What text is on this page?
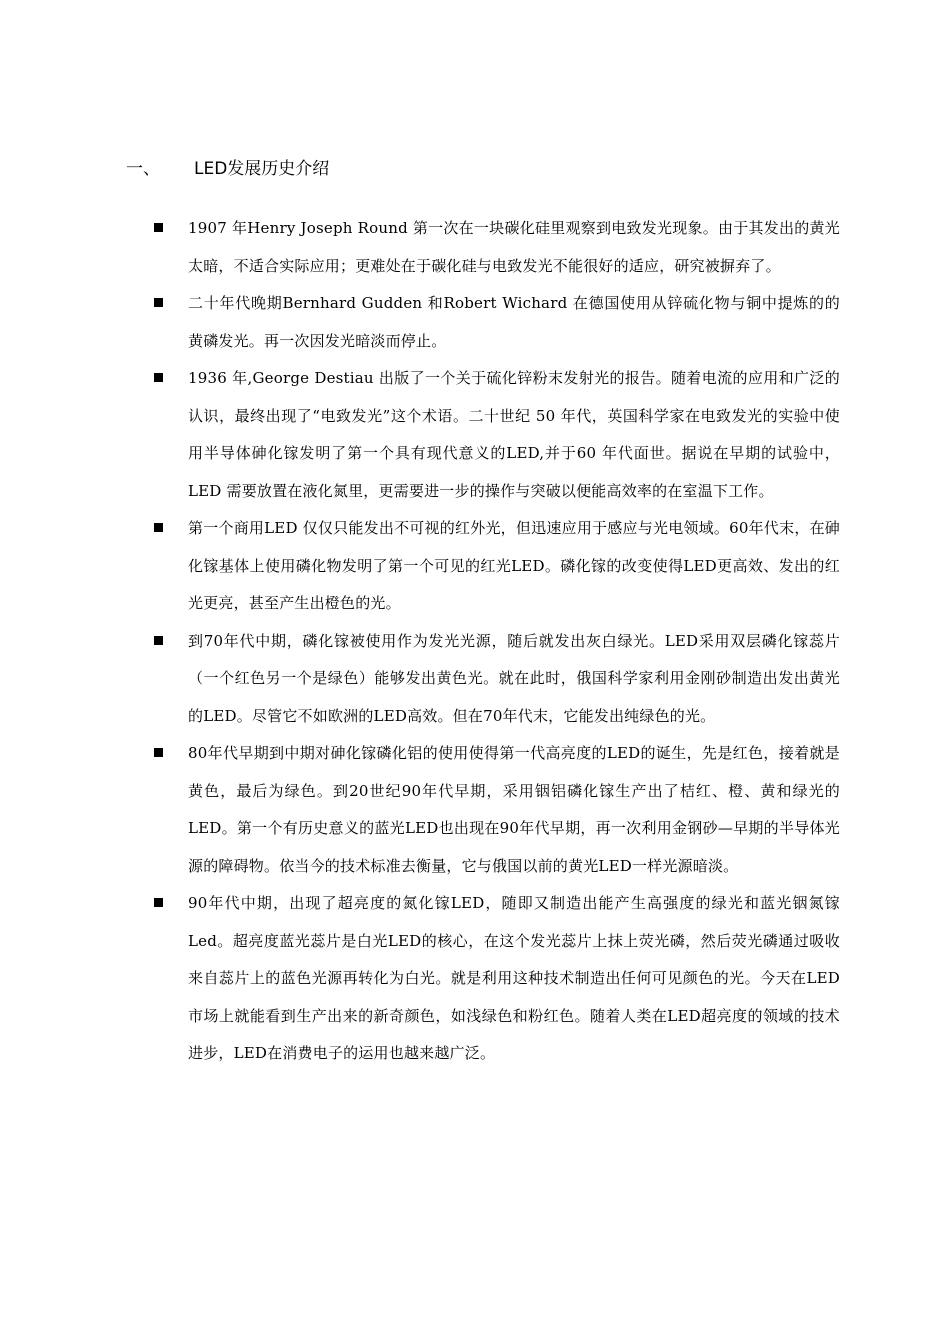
一、 LED发展历史介绍
1907 年Henry Joseph Round 第一次在一块碳化硅里观察到电致发光现象。由于其发出的黄光太暗，不适合实际应用；更难处在于碳化硅与电致发光不能很好的适应，研究被摒弃了。
二十年代晚期Bernhard Gudden 和Robert Wichard 在德国使用从锌硫化物与铜中提炼的的黄磷发光。再一次因发光暗淡而停止。
1936 年,George Destiau 出版了一个关于硫化锌粉末发射光的报告。随着电流的应用和广泛的认识，最终出现了“电致发光”这个术语。二十世纪 50 年代，英国科学家在电致发光的实验中使用半导体砷化镓发明了第一个具有现代意义的LED,并于60 年代面世。据说在早期的试验中，LED 需要放置在液化氮里，更需要进一步的操作与突破以便能高效率的在室温下工作。
第一个商用LED 仅仅只能发出不可视的红外光，但迅速应用于感应与光电领域。60年代末，在砷化镓基体上使用磷化物发明了第一个可见的红光LED。磷化镓的改变使得LED更高效、发出的红光更亮，甚至产生出橙色的光。
到70年代中期，磷化镓被使用作为发光光源，随后就发出灰白绿光。LED采用双层磷化镓蕊片（一个红色另一个是绿色）能够发出黄色光。就在此时，俄国科学家利用金刚砂制造出发出黄光的LED。尽管它不如欧洲的LED高效。但在70年代末，它能发出纯绿色的光。
80年代早期到中期对砷化镓磷化铝的使用使得第一代高亮度的LED的诞生，先是红色，接着就是黄色，最后为绿色。到20世纪90年代早期，采用铟铝磷化镓生产出了桔红、橙、黄和绿光的LED。第一个有历史意义的蓝光LED也出现在90年代早期，再一次利用金钢砂—早期的半导体光源的障碍物。依当今的技术标准去衡量，它与俄国以前的黄光LED一样光源暗淡。
90年代中期，出现了超亮度的氮化镓LED，随即又制造出能产生高强度的绿光和蓝光铟氮镓Led。超亮度蓝光蕊片是白光LED的核心，在这个发光蕊片上抹上荧光磷，然后荧光磷通过吸收来自蕊片上的蓝色光源再转化为白光。就是利用这种技术制造出任何可见颜色的光。今天在LED市场上就能看到生产出来的新奇颜色，如浅绿色和粉红色。随着人类在LED超亮度的领域的技术进步，LED在消费电子的运用也越来越广泛。
